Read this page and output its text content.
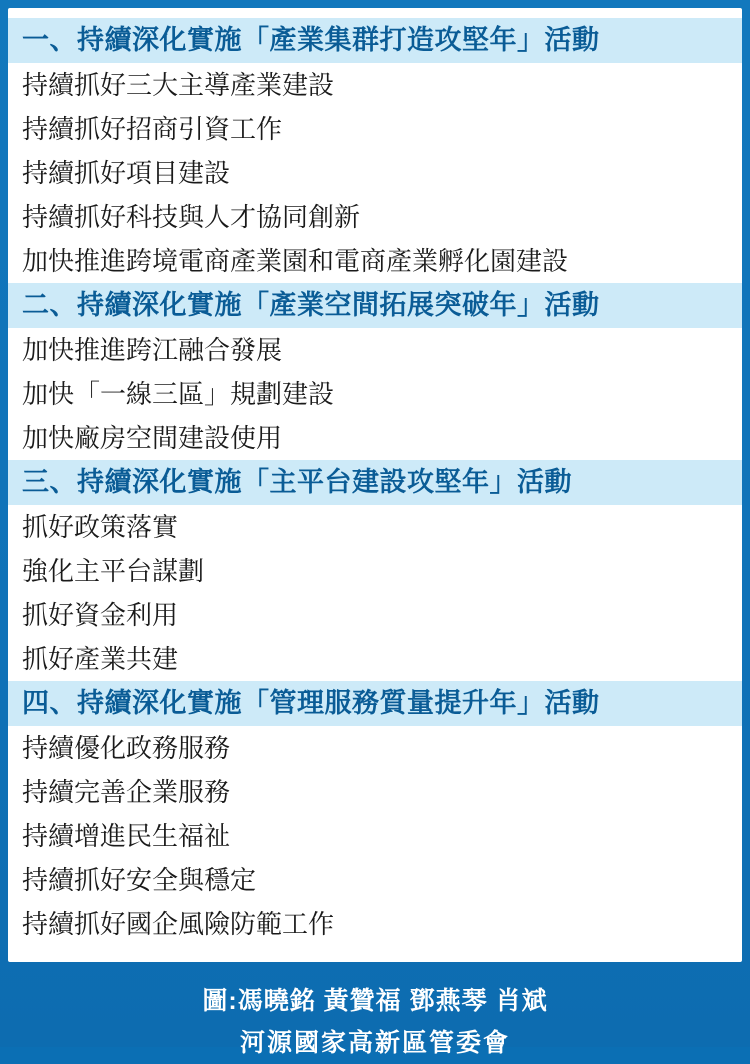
一、持續深化實施「產業集群打造攻堅年」活動
持續抓好三大主導產業建設
持續抓好招商引資工作
持續抓好項目建設
持續抓好科技與人才協同創新
加快推進跨境電商產業園和電商產業孵化園建設
二、持續深化實施「產業空間拓展突破年」活動
加快推進跨江融合發展
加快「一線三區」規劃建設
加快廠房空間建設使用
三、持續深化實施「主平台建設攻堅年」活動
抓好政策落實
強化主平台謀劃
抓好資金利用
抓好產業共建
四、持續深化實施「管理服務質量提升年」活動
持續優化政務服務
持續完善企業服務
持續增進民生福祉
持續抓好安全與穩定
持續抓好國企風險防範工作
圖:馮曉銘 黃贊福 鄧燕琴 肖斌
河源國家高新區管委會
